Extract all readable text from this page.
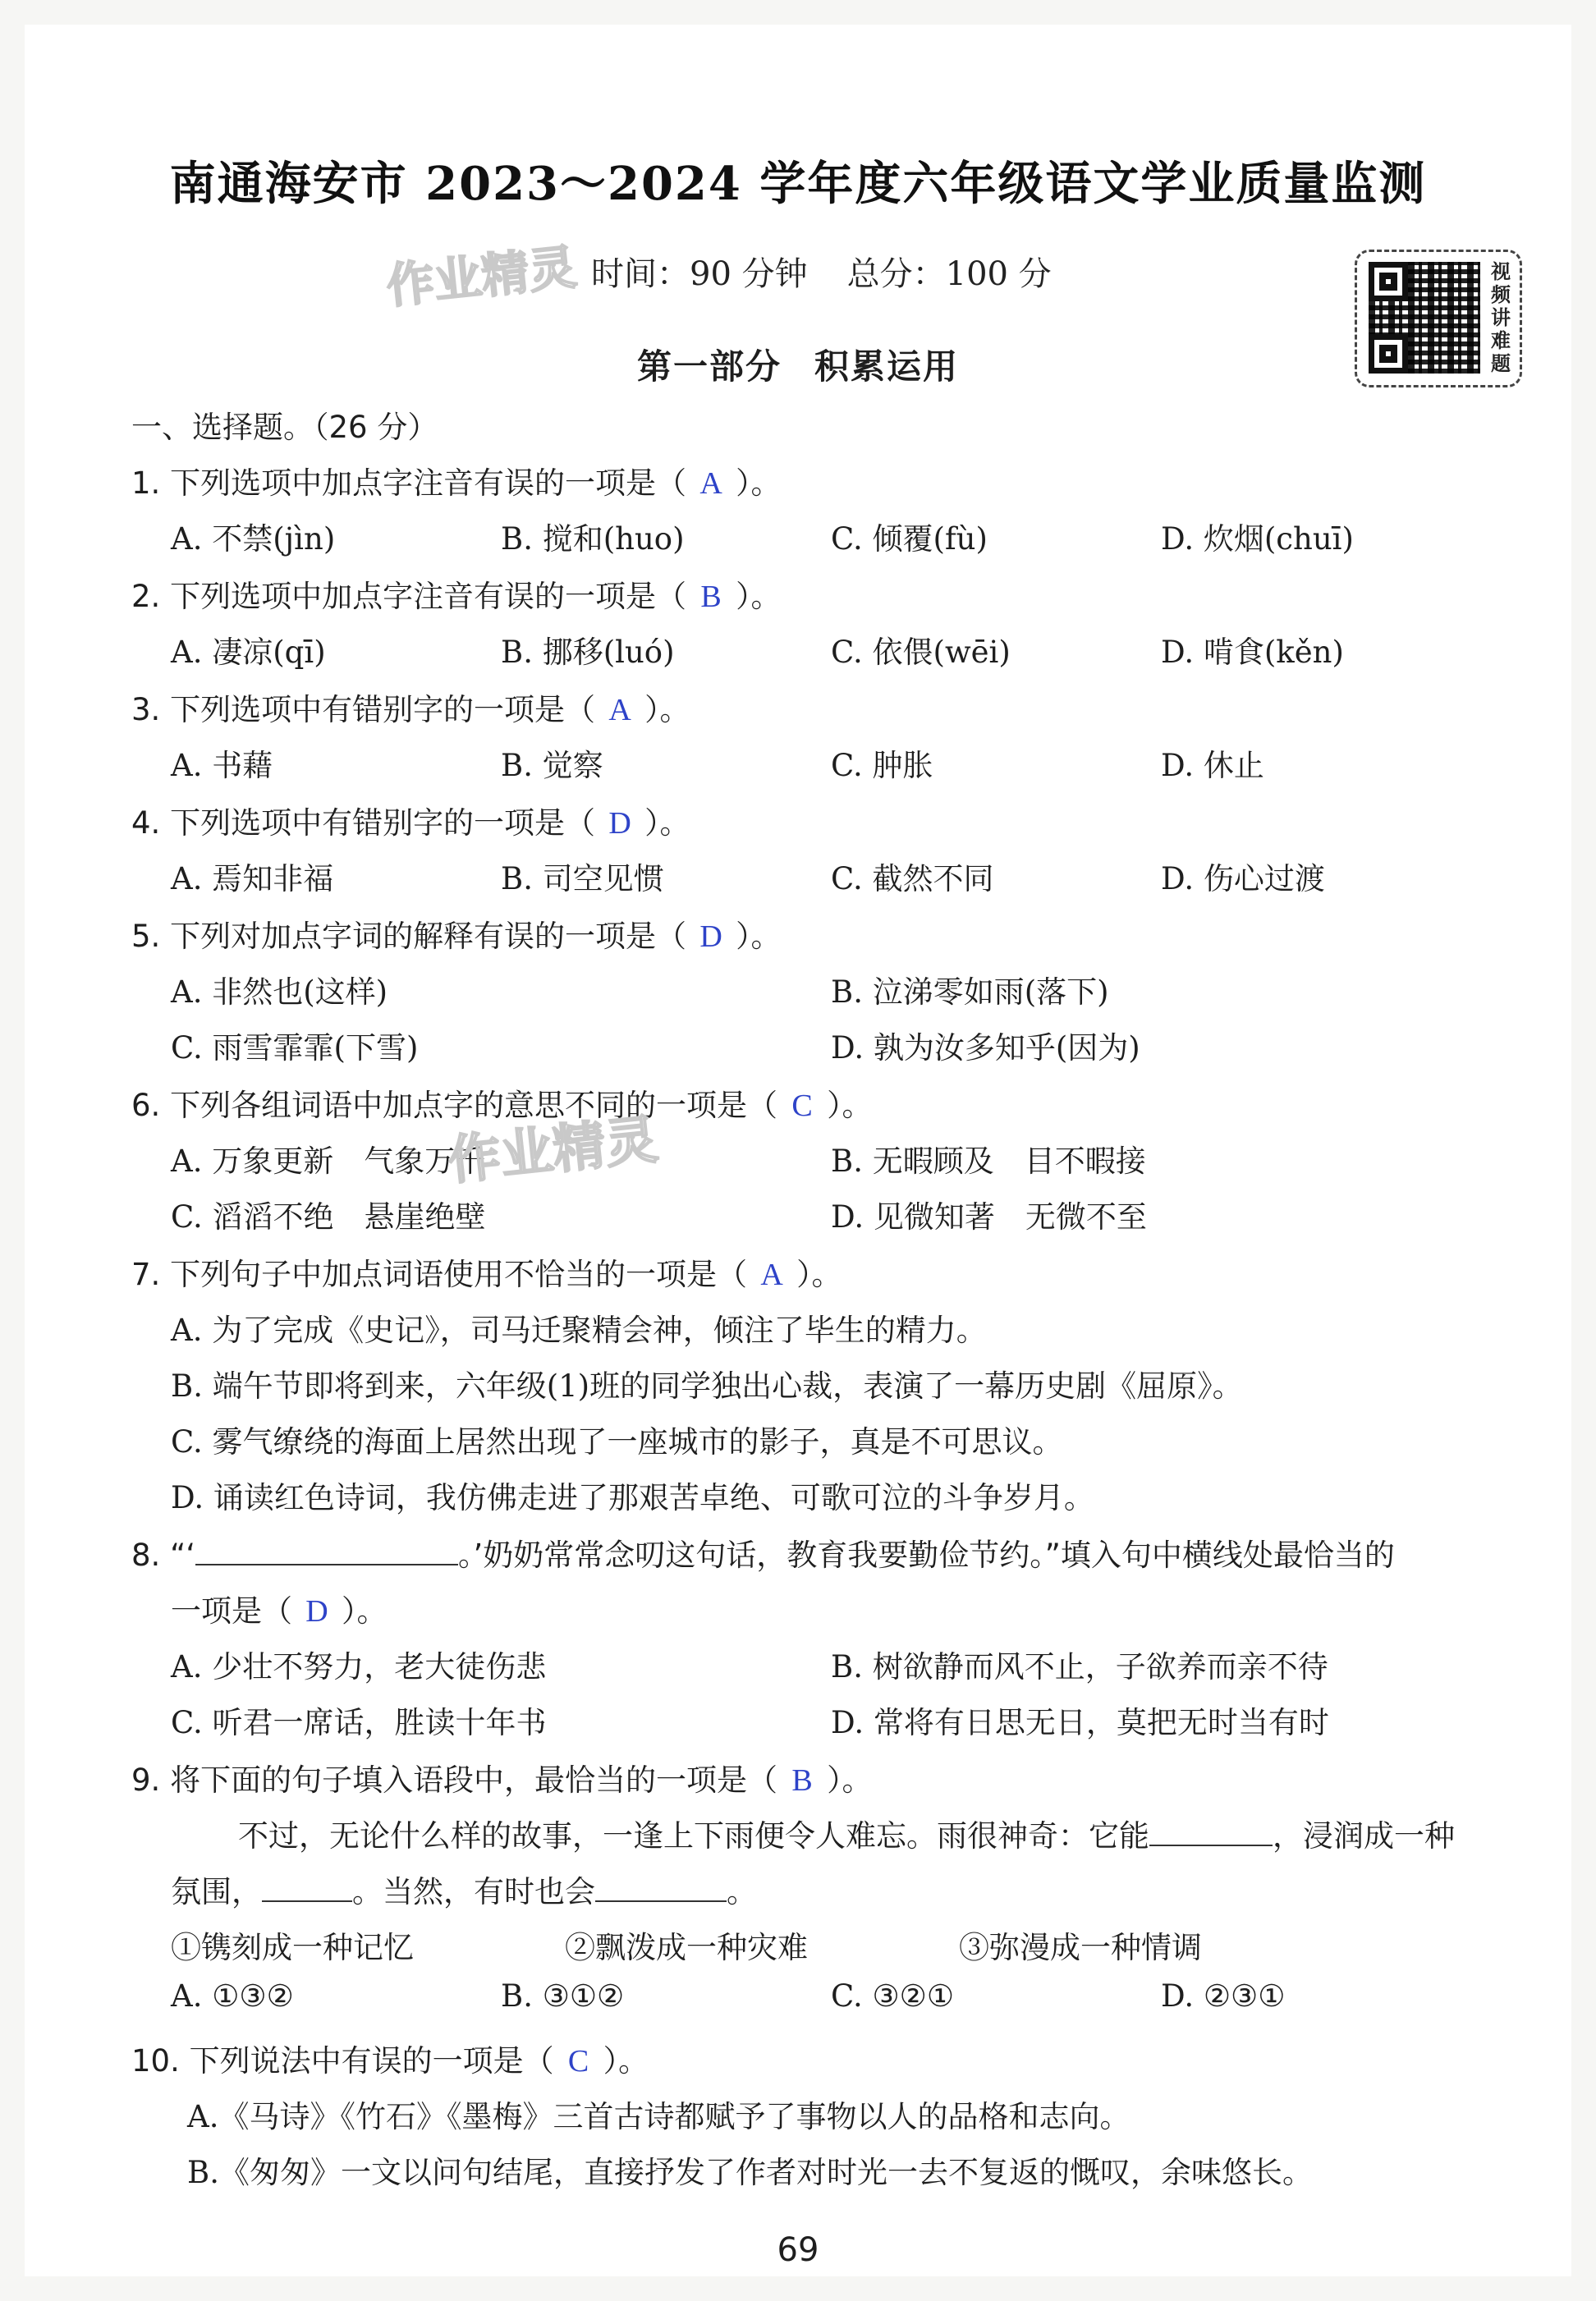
南通海安市 2023～2024 学年度六年级语文学业质量监测
作业精灵 时间：90 分钟 总分：100 分	视
频
讲
难
题
第一部分 积累运用
一、选择题。（26 分）
1. 下列选项中加点字注音有误的一项是（ A ）。
A. 不禁(jìn)	B. 搅和(huo)	C. 倾覆(fù)	D. 炊烟(chuī)
2. 下列选项中加点字注音有误的一项是（ B ）。
A. 凄凉(qī)	B. 挪移(luó)	C. 依偎(wēi)	D. 啃食(kěn)
3. 下列选项中有错别字的一项是（ A ）。
A. 书藉	B. 觉察	C. 肿胀	D. 休止
4. 下列选项中有错别字的一项是（ D ）。
A. 焉知非福	B. 司空见惯	C. 截然不同	D. 伤心过渡
5. 下列对加点字词的解释有误的一项是（ D ）。
A. 非然也(这样)	B. 泣涕零如雨(落下)
C. 雨雪霏霏(下雪)	D. 孰为汝多知乎(因为)
6. 下列各组词语中加点字的意思不同的一项是（ C ）。
A. 万象更新　气象万千	B. 无暇顾及　目不暇接
C. 滔滔不绝　悬崖绝壁	D. 见微知著　无微不至
7. 下列句子中加点词语使用不恰当的一项是（ A ）。
A. 为了完成《史记》，司马迁聚精会神，倾注了毕生的精力。
B. 端午节即将到来，六年级(1)班的同学独出心裁，表演了一幕历史剧《屈原》。
C. 雾气缭绕的海面上居然出现了一座城市的影子，真是不可思议。
D. 诵读红色诗词，我仿佛走进了那艰苦卓绝、可歌可泣的斗争岁月。
8. “‘	。’奶奶常常念叨这句话，教育我要勤俭节约。”填入句中横线处最恰当的
一项是（ D ）。
A. 少壮不努力，老大徒伤悲	B. 树欲静而风不止，子欲养而亲不待
C. 听君一席话，胜读十年书	D. 常将有日思无日，莫把无时当有时
9. 将下面的句子填入语段中，最恰当的一项是（ B ）。
不过，无论什么样的故事，一逢上下雨便令人难忘。雨很神奇：它能	，浸润成一种
氛围，	。当然，有时也会	。
①镌刻成一种记忆	②飘泼成一种灾难	③弥漫成一种情调
A. ①③②	B. ③①②	C. ③②①	D. ②③①
10. 下列说法中有误的一项是（ C ）。
A.《马诗》《竹石》《墨梅》三首古诗都赋予了事物以人的品格和志向。
B.《匆匆》一文以问句结尾，直接抒发了作者对时光一去不复返的慨叹，余味悠长。
作业精灵
69
